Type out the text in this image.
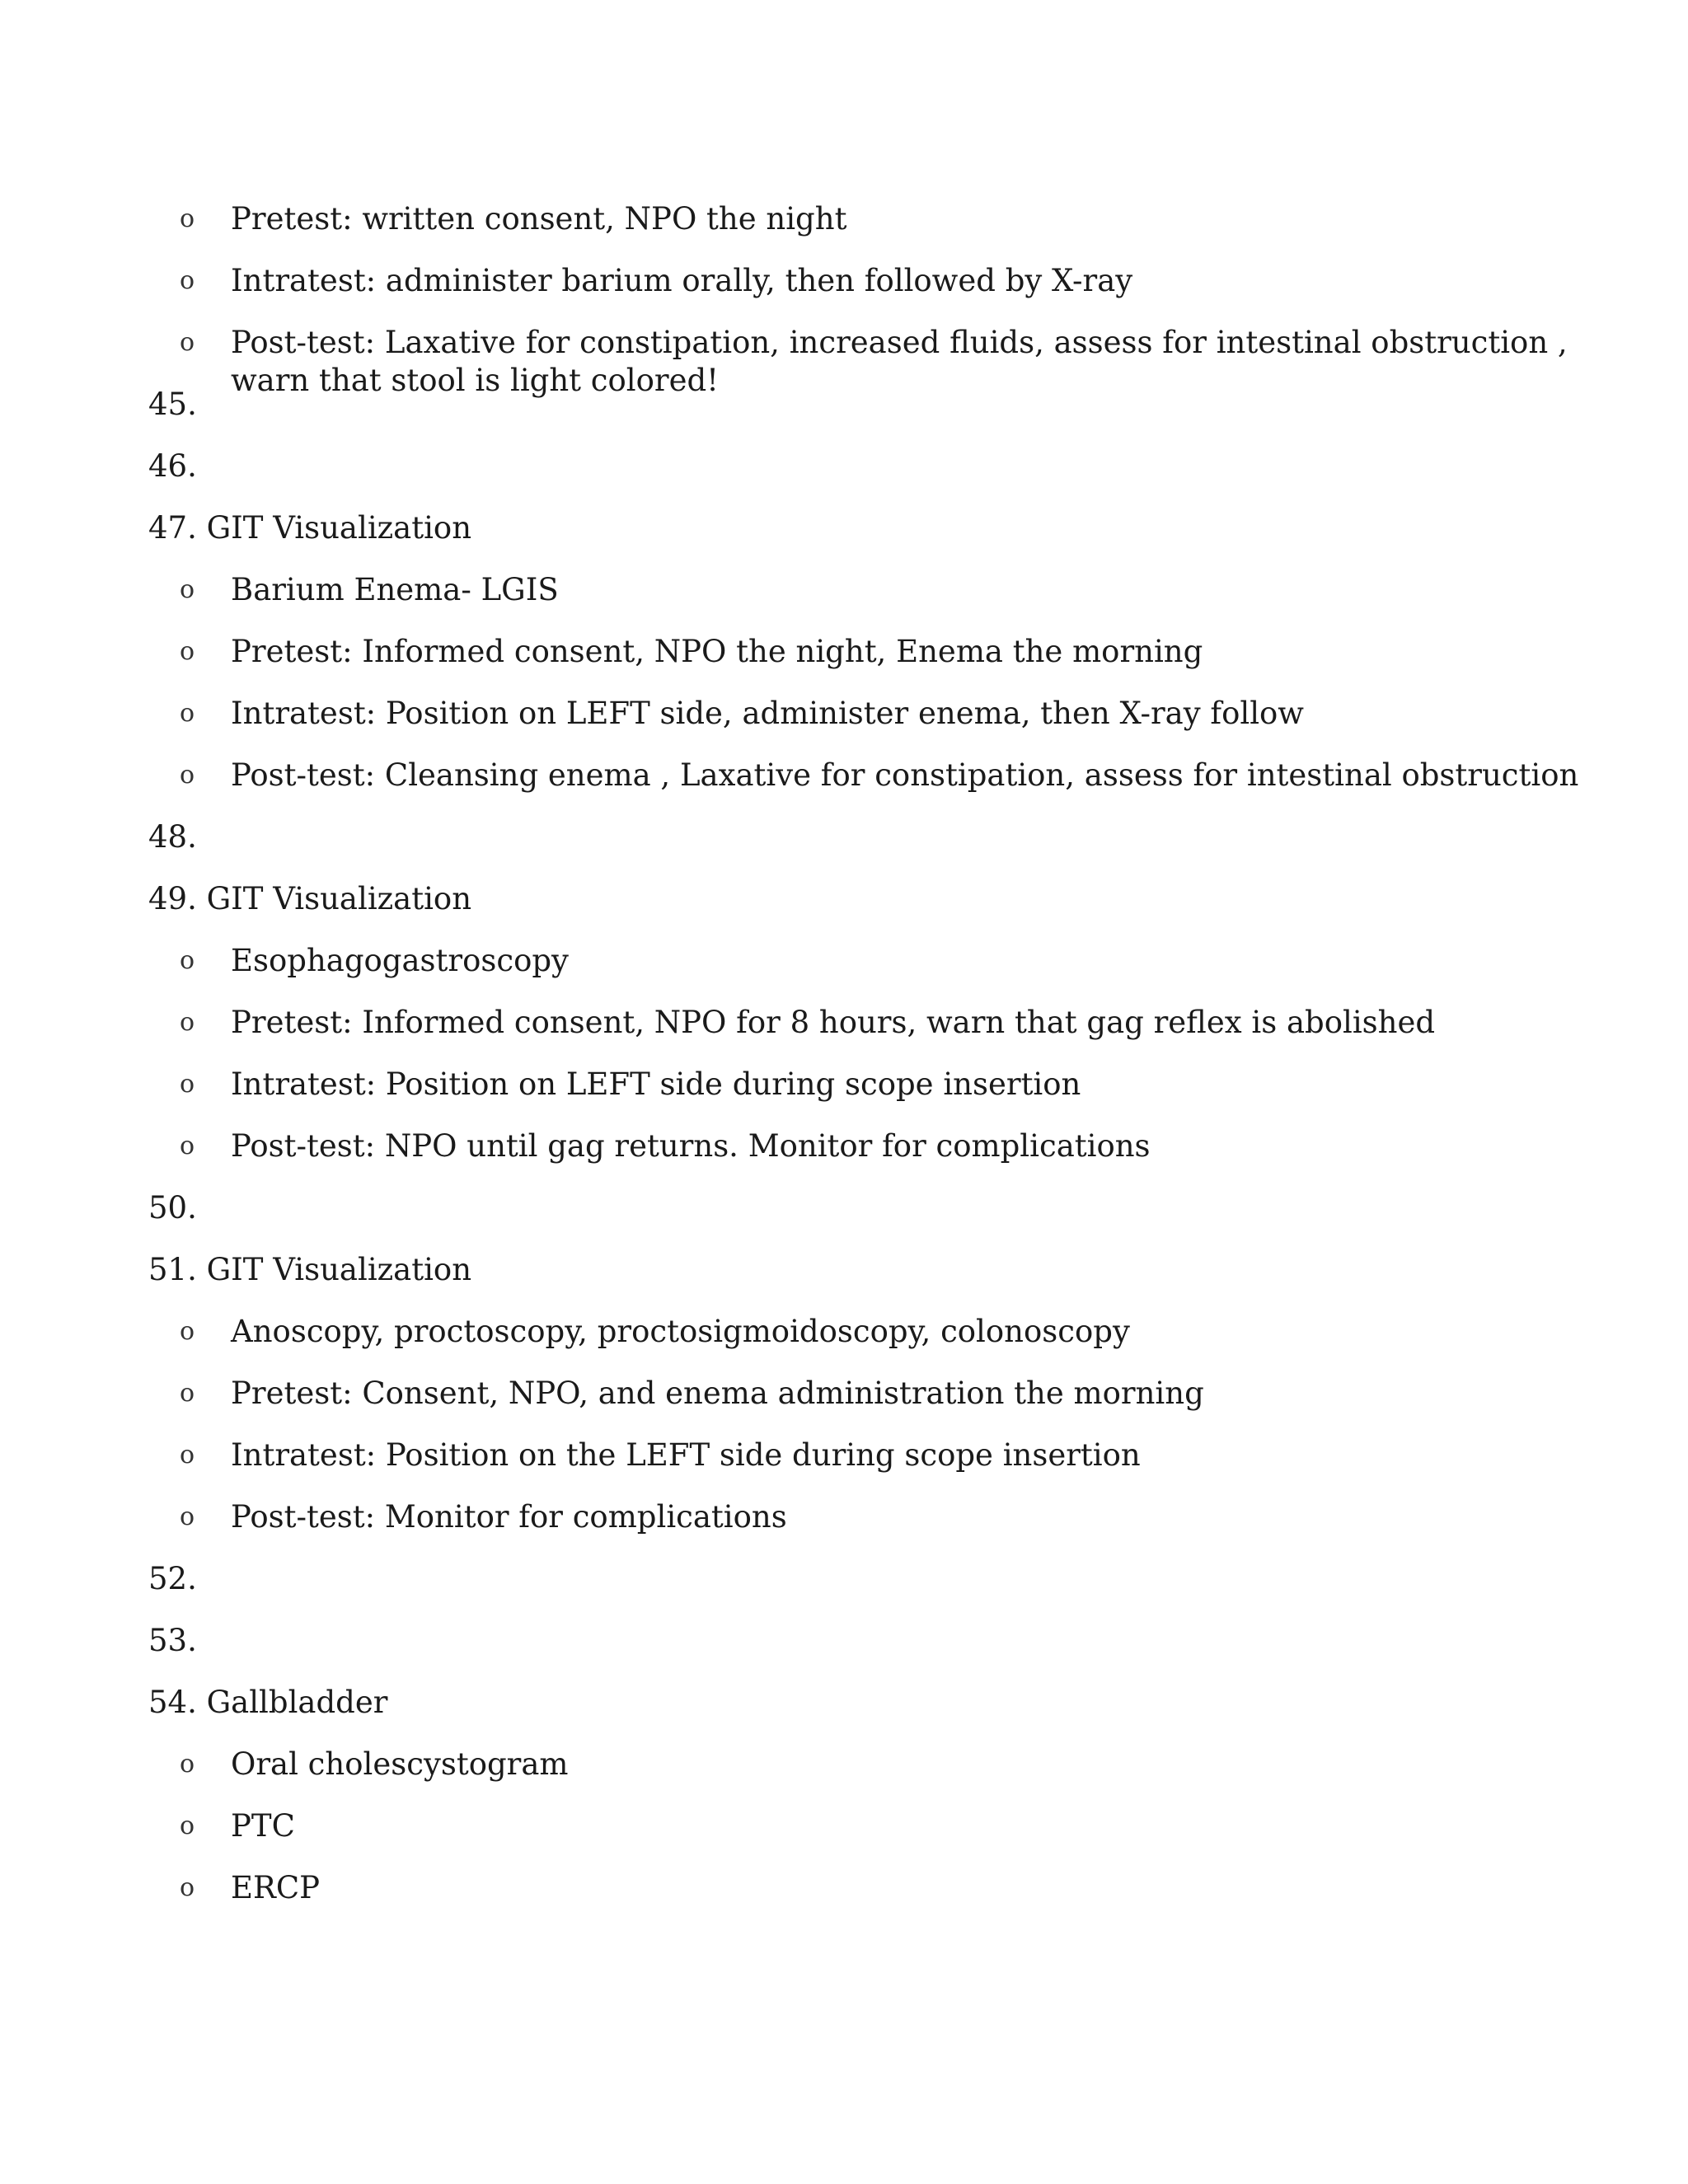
o Pretest: written consent, NPO the night
o Intratest: administer barium orally, then followed by X-ray
o Post-test: Laxative for constipation, increased fluids, assess for intestinal obstruction ,
warn that stool is light colored!
45.
46.
47. GIT Visualization
o Barium Enema- LGIS
o Pretest: Informed consent, NPO the night, Enema the morning
o Intratest: Position on LEFT side, administer enema, then X-ray follow
o Post-test: Cleansing enema , Laxative for constipation, assess for intestinal obstruction
48.
49. GIT Visualization
o Esophagogastroscopy
o Pretest: Informed consent, NPO for 8 hours, warn that gag reflex is abolished
o Intratest: Position on LEFT side during scope insertion
o Post-test: NPO until gag returns. Monitor for complications
50.
51. GIT Visualization
o Anoscopy, proctoscopy, proctosigmoidoscopy, colonoscopy
o Pretest: Consent, NPO, and enema administration the morning
o Intratest: Position on the LEFT side during scope insertion
o Post-test: Monitor for complications
52.
53.
54. Gallbladder
o Oral cholescystogram
o PTC
o ERCP
